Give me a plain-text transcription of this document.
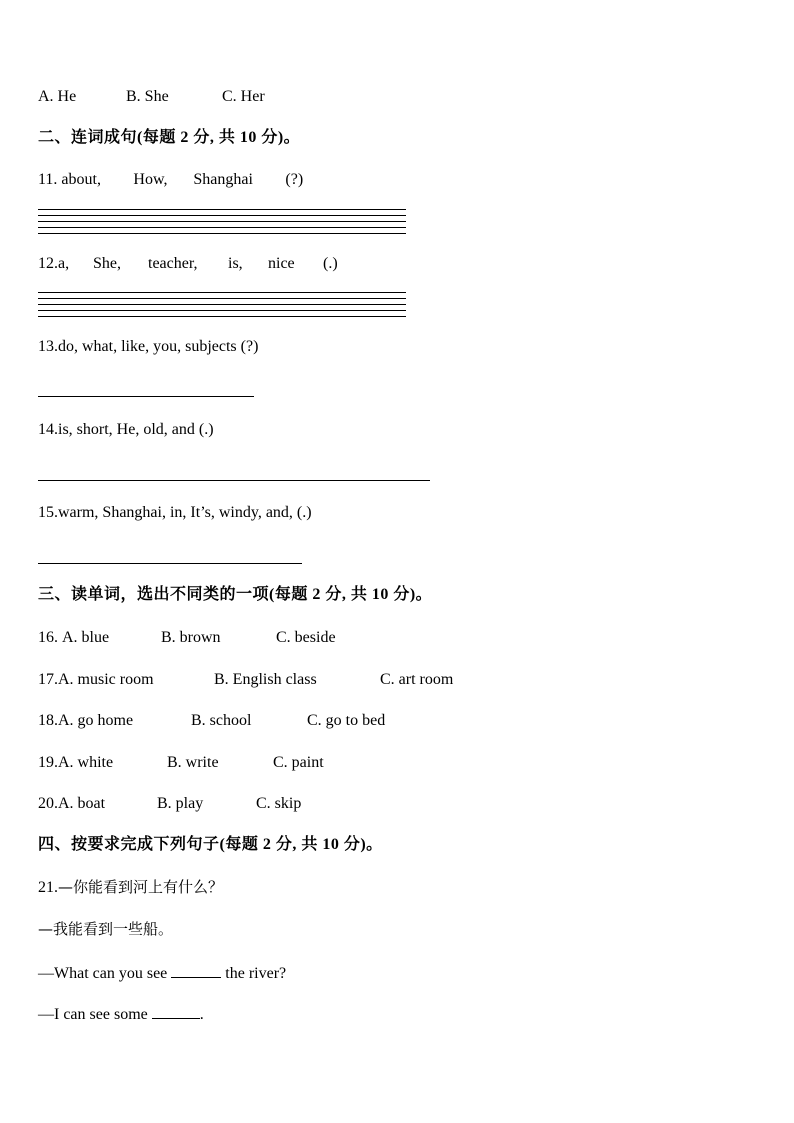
A. He	B. She	C. Her
二、连词成句(每题 2 分, 共 10 分)。
11. about, How, Shanghai (?)
12.a, She, teacher, is, nice (.)
13.do, what, like, you, subjects (?)
14.is, short, He, old, and (.)
15.warm, Shanghai, in, It’s, windy, and, (.)
三、读单词，选出不同类的一项(每题 2 分, 共 10 分)。
16. A. blue	B. brown	C. beside
17.A. music room	B. English class	C. art room
18.A. go home	B. school	C. go to bed
19.A. white	B. write	C. paint
20.A. boat	B. play	C. skip
四、按要求完成下列句子(每题 2 分, 共 10 分)。
21.—你能看到河上有什么？
—我能看到一些船。
—What can you see	the river?
—I can see some	.
